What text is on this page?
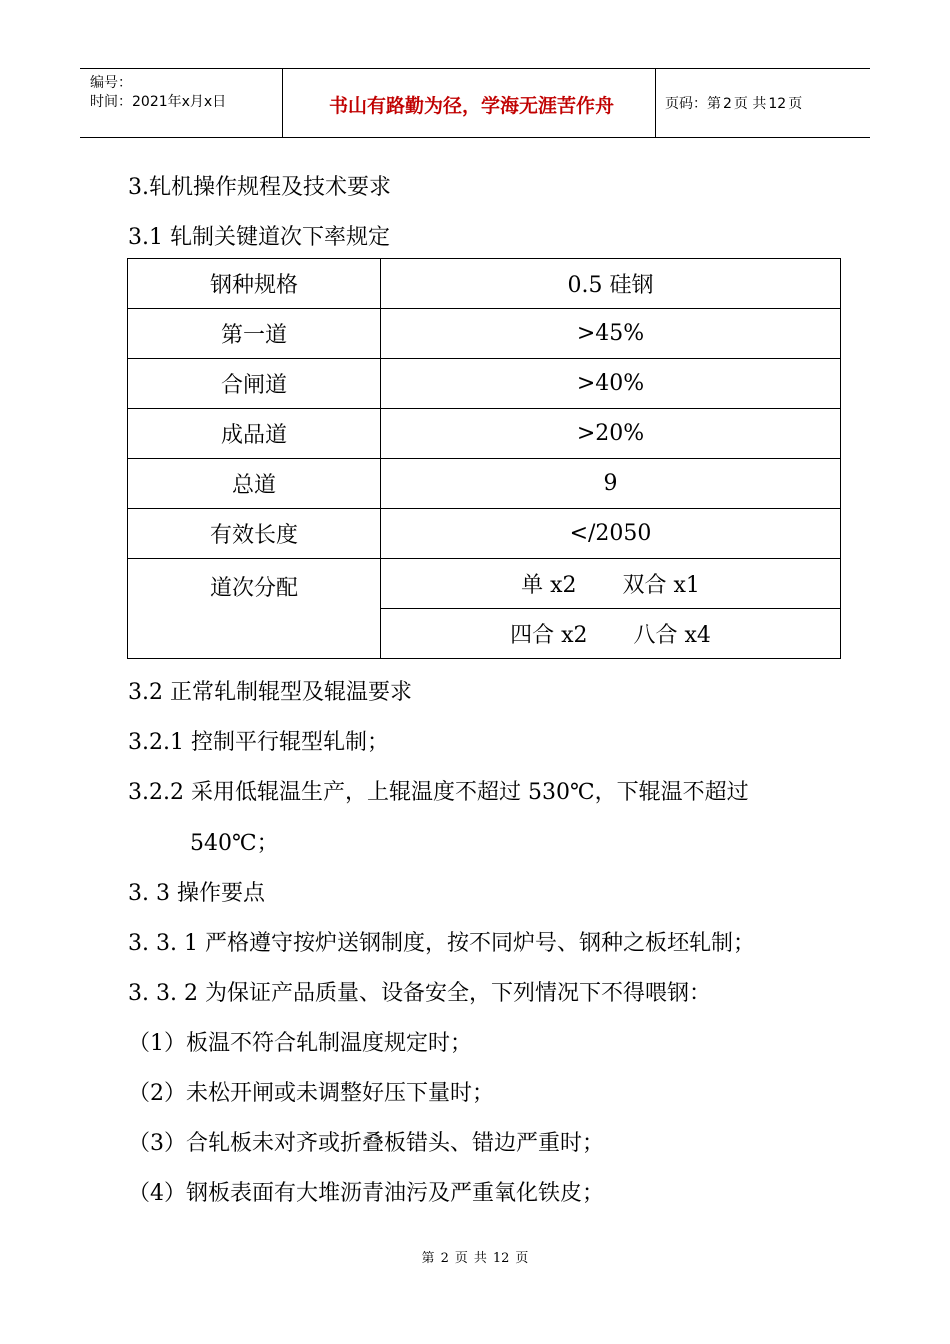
编号：
时间：2021年x月x日	书山有路勤为径，学海无涯苦作舟	页码：第 2 页 共 12 页
3.轧机操作规程及技术要求
3.1 轧制关键道次下率规定
钢种规格	0.5 硅钢
第一道	>45%
合闸道	>40%
成品道	>20%
总道	9
有效长度	</2050
道次分配	单 x2 双合 x1
	四合 x2 八合 x4
3.2 正常轧制辊型及辊温要求
3.2.1 控制平行辊型轧制；
3.2.2 采用低辊温生产，上辊温度不超过 530℃，下辊温不超过
540℃；
3. 3 操作要点
3. 3. 1 严格遵守按炉送钢制度，按不同炉号、钢种之板坯轧制；
3. 3. 2 为保证产品质量、设备安全，下列情况下不得喂钢：
（1）板温不符合轧制温度规定时；
（2）未松开闸或未调整好压下量时；
（3）合轧板未对齐或折叠板错头、错边严重时；
（4）钢板表面有大堆沥青油污及严重氧化铁皮；
第 2 页 共 12 页
